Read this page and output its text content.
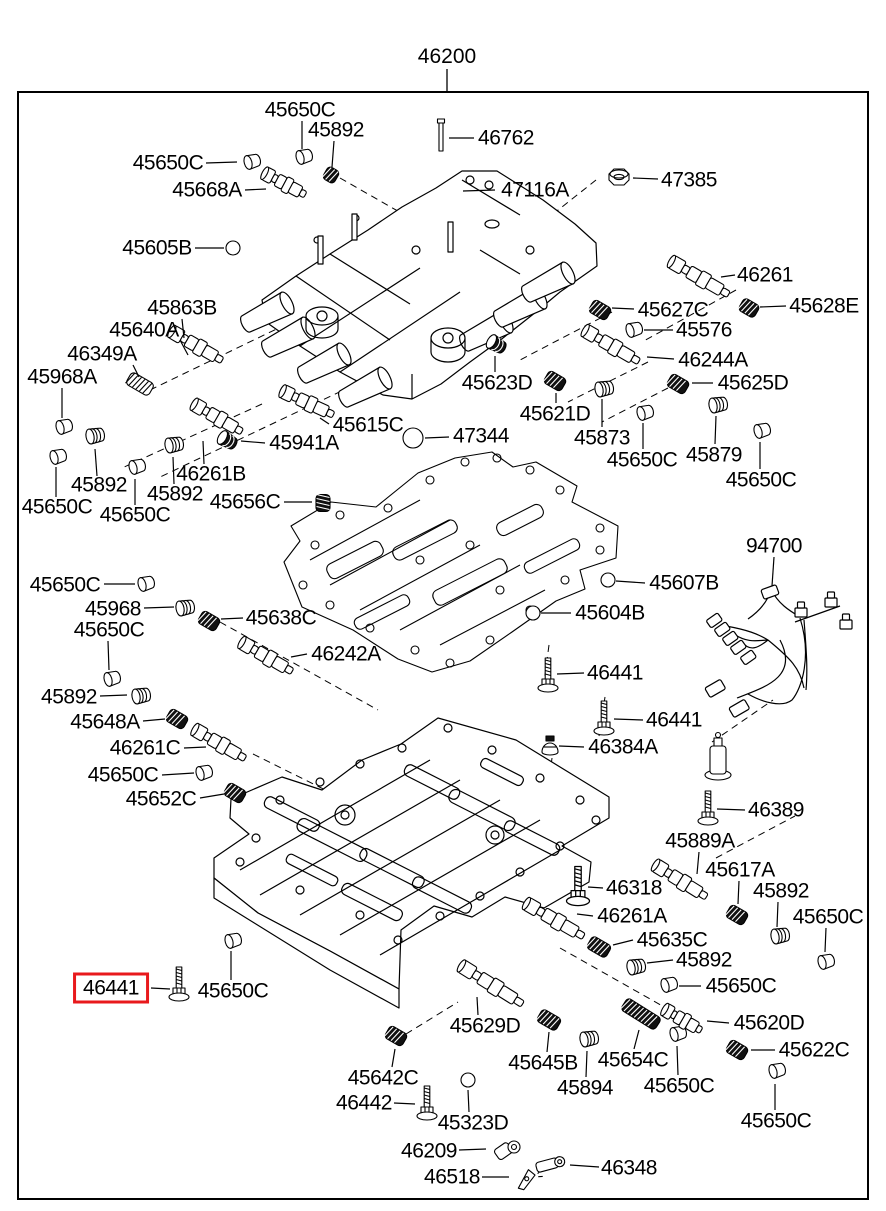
46200
45650C
45892
45650C
45668A
46762
47116A	47385
45605B
46261
45627C	45628E
45576
46244A
45863B
45640A
46349A
45968A	45623D	45625D
45621D
45615C 47344
45941A	45873
45879
46261B
45892 45892
45650C 45650C
45656C
45650C
45650C
94700
45650C
45968
45650C
45638C
46242A
45892
45648A
46261C
45650C
45652C
45607B
45604B
46441
46441
46384A
46389
45889A
46318
45617A
45892
45650C
46261A
45635C
45892
45650C
45620D
45622C
45654C
45650C
45650C
45629D
45645B
45894
45642C
46442
45323D
46209
46518	46348
46441	45650C
